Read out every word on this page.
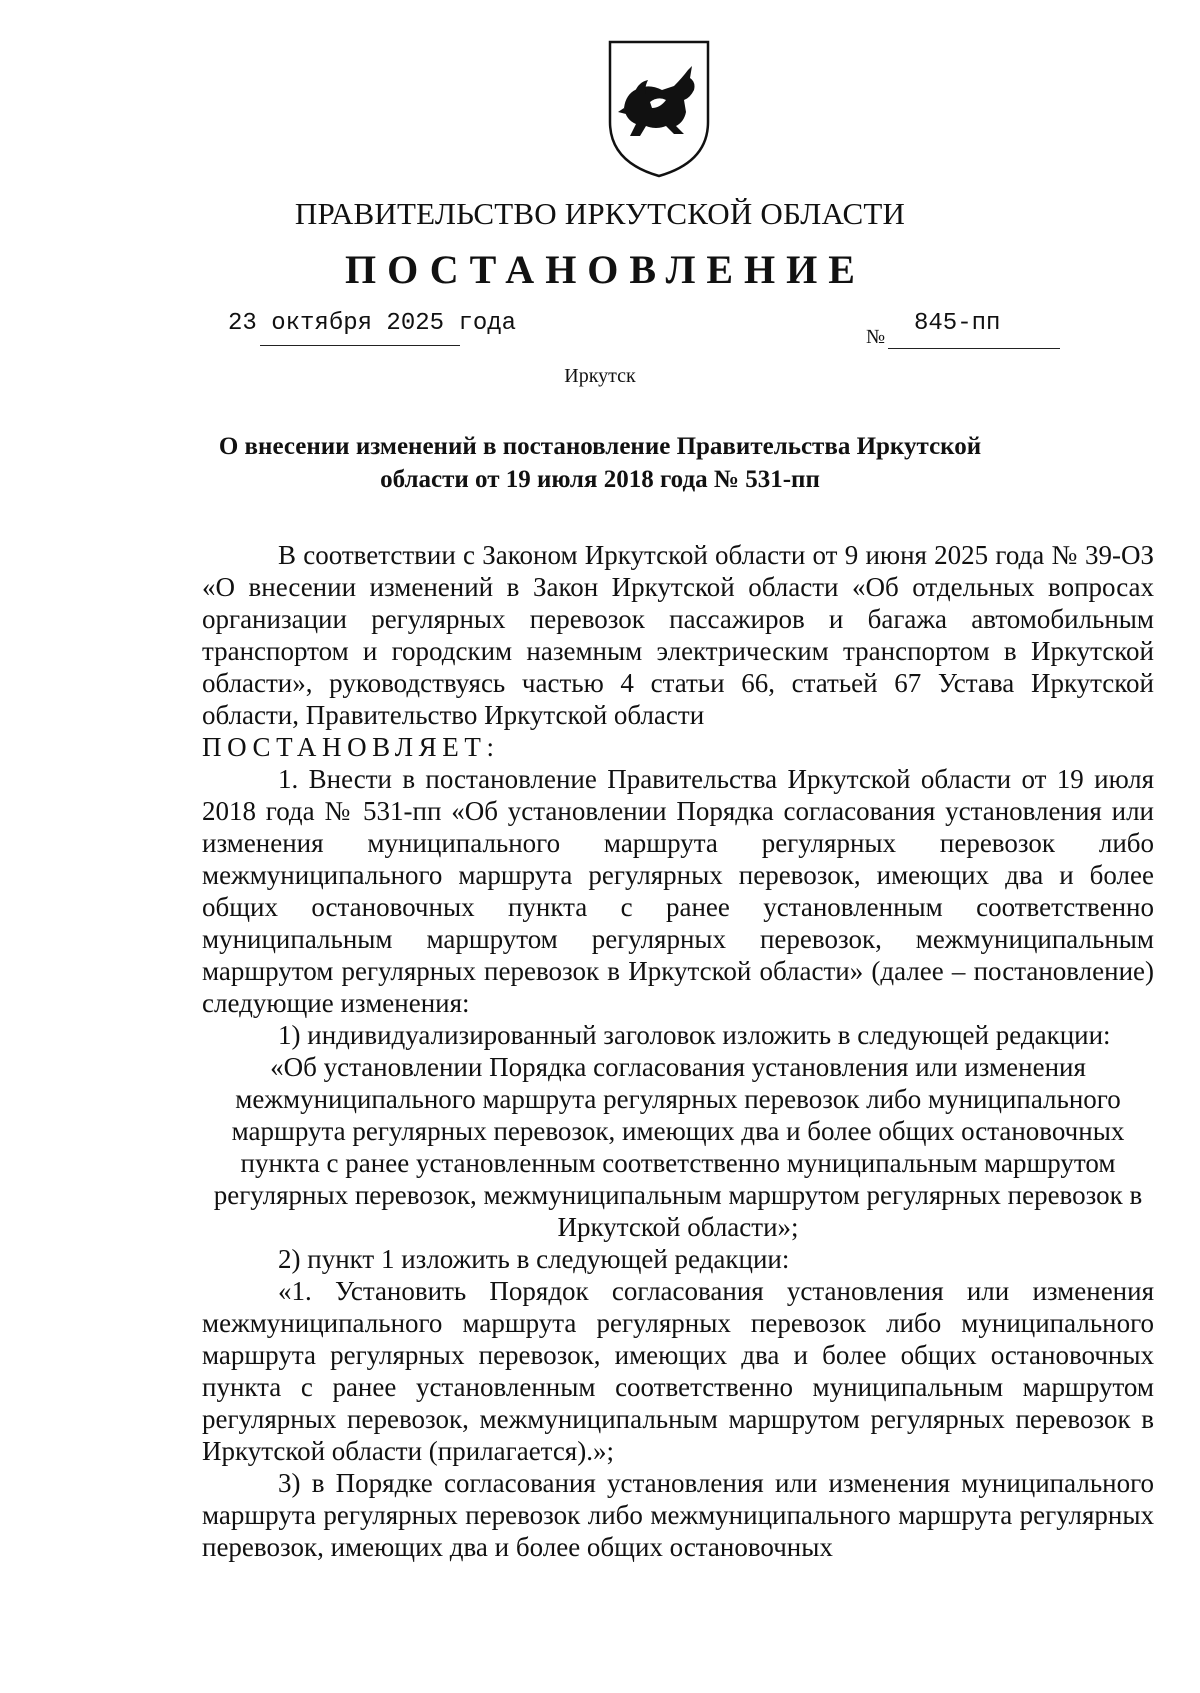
ПРАВИТЕЛЬСТВО ИРКУТСКОЙ ОБЛАСТИ
ПОСТАНОВЛЕНИЕ
23 октября 2025 года	№ 845-пп
Иркутск
О внесении изменений в постановление Правительства Иркутской области от 19 июля 2018 года № 531-пп

В соответствии с Законом Иркутской области от 9 июня 2025 года № 39-ОЗ «О внесении изменений в Закон Иркутской области «Об отдельных вопросах организации регулярных перевозок пассажиров и багажа автомобильным транспортом и городским наземным электрическим транспортом в Иркутской области», руководствуясь частью 4 статьи 66, статьей 67 Устава Иркутской области, Правительство Иркутской области

ПОСТАНОВЛЯЕТ:

1. Внести в постановление Правительства Иркутской области от 19 июля 2018 года № 531-пп «Об установлении Порядка согласования установления или изменения муниципального маршрута регулярных перевозок либо межмуниципального маршрута регулярных перевозок, имеющих два и более общих остановочных пункта с ранее установленным соответственно муниципальным маршрутом регулярных перевозок, межмуниципальным маршрутом регулярных перевозок в Иркутской области» (далее – постановление) следующие изменения:

1) индивидуализированный заголовок изложить в следующей редакции:

«Об установлении Порядка согласования установления или изменения межмуниципального маршрута регулярных перевозок либо муниципального маршрута регулярных перевозок, имеющих два и более общих остановочных пункта с ранее установленным соответственно муниципальным маршрутом регулярных перевозок, межмуниципальным маршрутом регулярных перевозок в Иркутской области»;

2) пункт 1 изложить в следующей редакции:

«1. Установить Порядок согласования установления или изменения межмуниципального маршрута регулярных перевозок либо муниципального маршрута регулярных перевозок, имеющих два и более общих остановочных пункта с ранее установленным соответственно муниципальным маршрутом регулярных перевозок, межмуниципальным маршрутом регулярных перевозок в Иркутской области (прилагается).»;

3) в Порядке согласования установления или изменения муниципального маршрута регулярных перевозок либо межмуниципального маршрута регулярных перевозок, имеющих два и более общих остановочных
